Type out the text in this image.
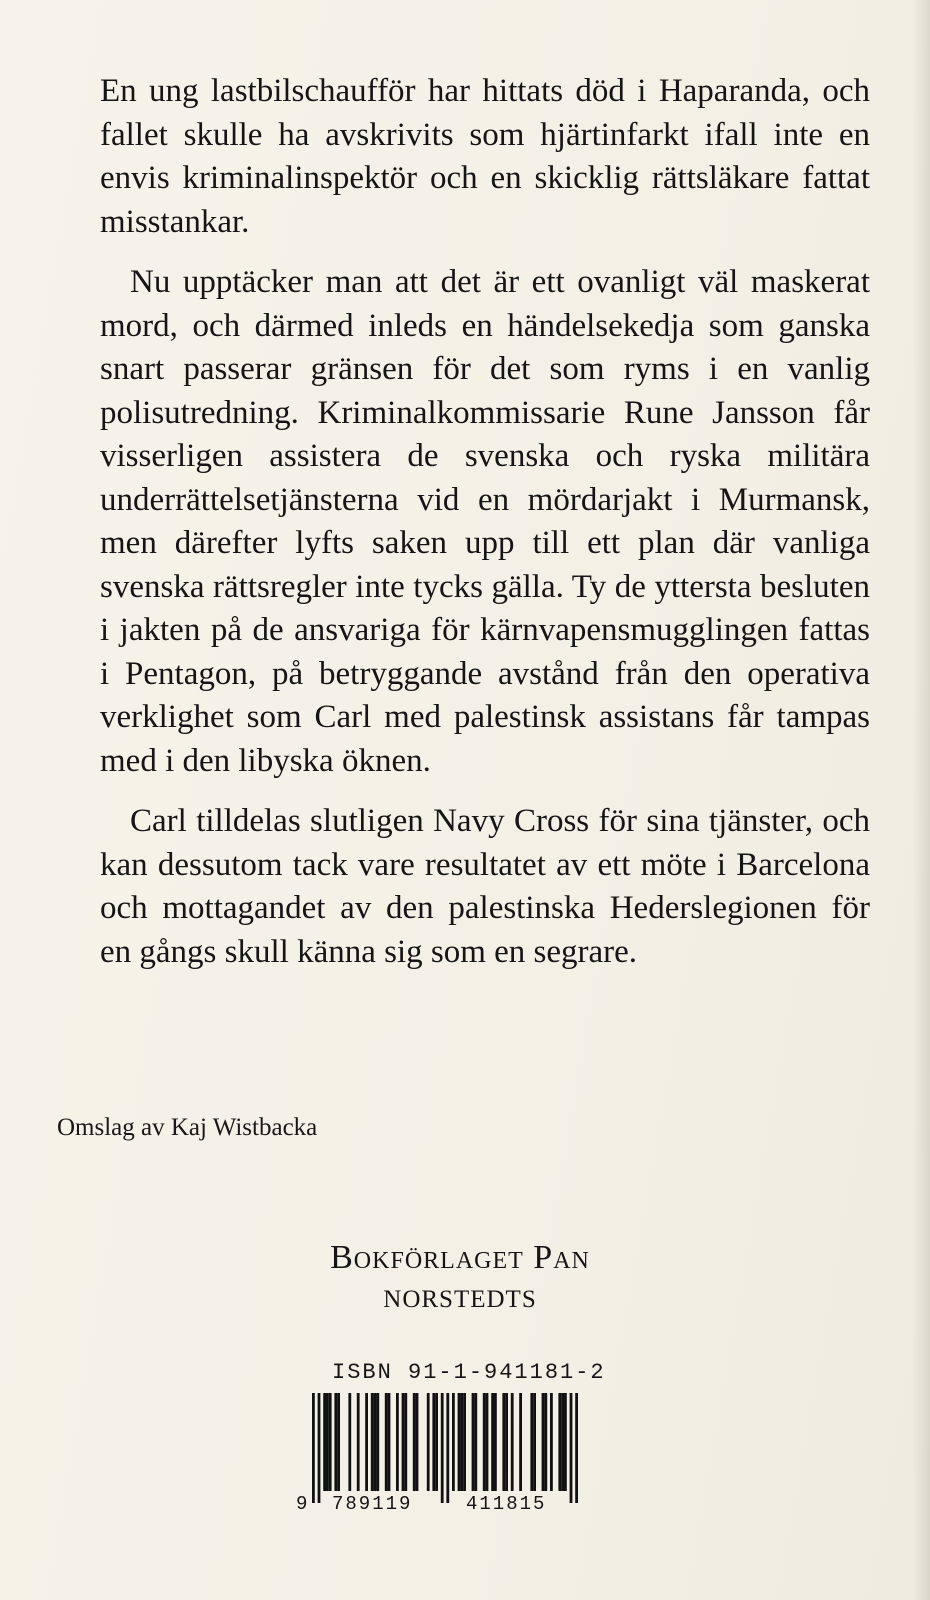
En ung lastbilschaufför har hittats död i Haparanda, och fallet skulle ha avskrivits som hjärtinfarkt ifall inte en envis kriminalinspektör och en skicklig rättsläkare fattat misstankar.

Nu upptäcker man att det är ett ovanligt väl maskerat mord, och därmed inleds en händelsekedja som ganska snart passerar gränsen för det som ryms i en vanlig polisutredning. Kriminalkommissarie Rune Jansson får visserligen assistera de svenska och ryska militära underrättelsetjänsterna vid en mördarjakt i Murmansk, men därefter lyfts saken upp till ett plan där vanliga svenska rättsregler inte tycks gälla. Ty de yttersta besluten i jakten på de ansvariga för kärnvapensmugglingen fattas i Pentagon, på betryggande avstånd från den operativa verklighet som Carl med palestinsk assistans får tampas med i den libyska öknen.

Carl tilldelas slutligen Navy Cross för sina tjänster, och kan dessutom tack vare resultatet av ett möte i Barcelona och mottagandet av den palestinska Hederslegionen för en gångs skull känna sig som en segrare.

Omslag av Kaj Wistbacka

Bokförlaget Pan

NORSTEDTS

ISBN 91-1-941181-2

9 789119	411815
